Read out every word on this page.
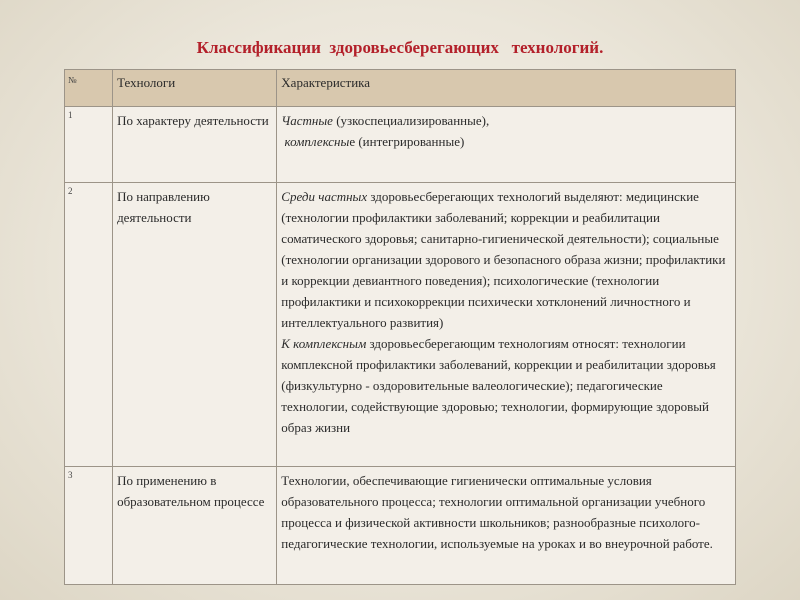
Классификации  здоровьесберегающих   технологий.
№	Технологи	Характеристика
1	По характеру деятельности	Частные (узкоспециализированные),
комплексные (интегрированные)

2	По направлению деятельности	Среди частных здоровьесберегающих технологий выделяют: медицинские (технологии профилактики заболеваний; коррекции и реабилитации соматического здоровья; санитарно-гигиенической деятельности); социальные (технологии организации здорового и безопасного образа жизни; профилактики и коррекции девиантного поведения); психологические (технологии профилактики и психокоррекции психически хотклонений личностного и интеллектуального развития)
К комплексным здоровьесберегающим технологиям относят: технологии комплексной профилактики заболеваний, коррекции и реабилитации здоровья (физкультурно - оздоровительные валеологические); педагогические технологии, содействующие здоровью; технологии, формирующие здоровый образ жизни

3	По применению в образовательном процессе	Технологии, обеспечивающие гигиенически оптимальные условия образовательного процесса; технологии оптимальной организации учебного процесса и физической активности школьников; разнообразные психолого-педагогические технологии, используемые на уроках и во внеурочной работе.
